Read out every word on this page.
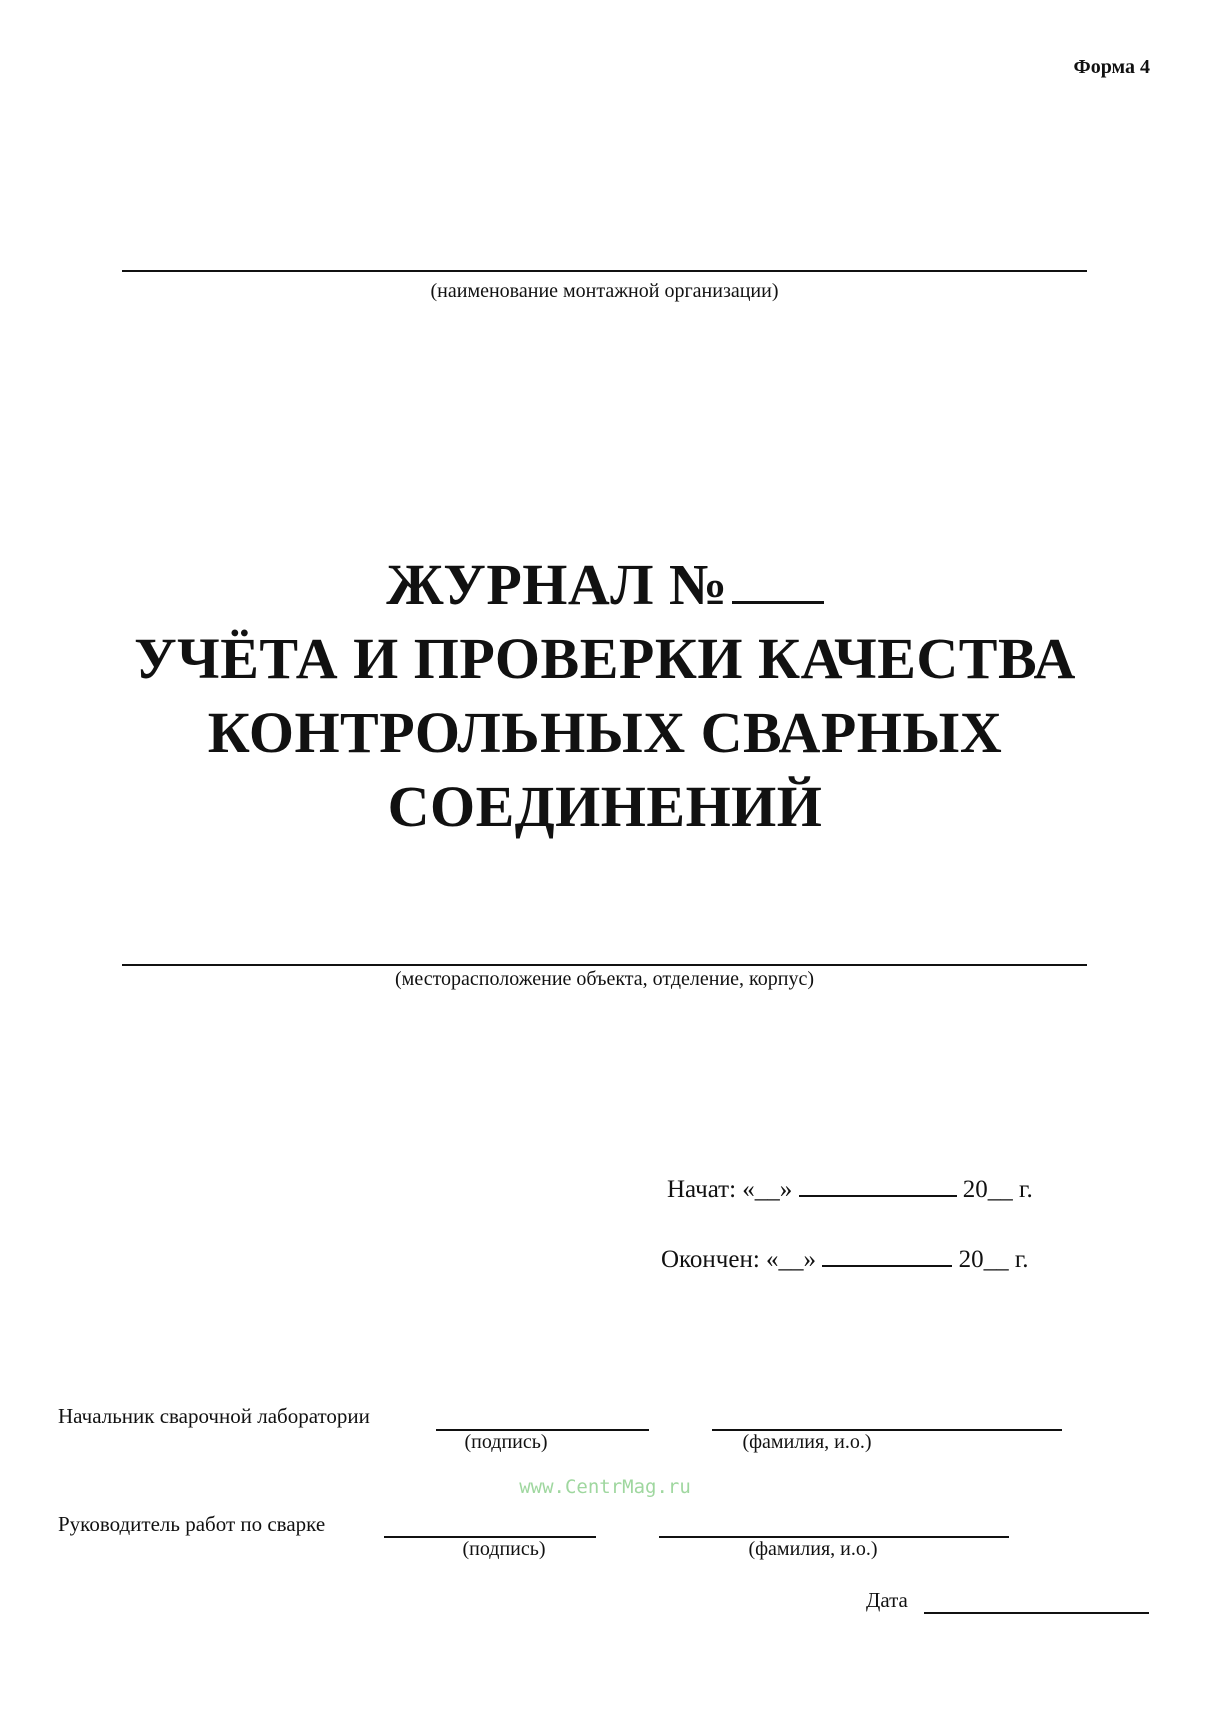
Форма 4
(наименование монтажной организации)
ЖУРНАЛ №
УЧЁТА И ПРОВЕРКИ КАЧЕСТВА
КОНТРОЛЬНЫХ СВАРНЫХ
СОЕДИНЕНИЙ
(месторасположение объекта, отделение, корпус)
Начат: «__»	20__ г.
Окончен: «__»	20__ г.
Начальник сварочной лаборатории
(подпись)	(фамилия, и.о.)
www.CentrMag.ru
Руководитель работ по сварке
(подпись)	(фамилия, и.о.)
Дата
